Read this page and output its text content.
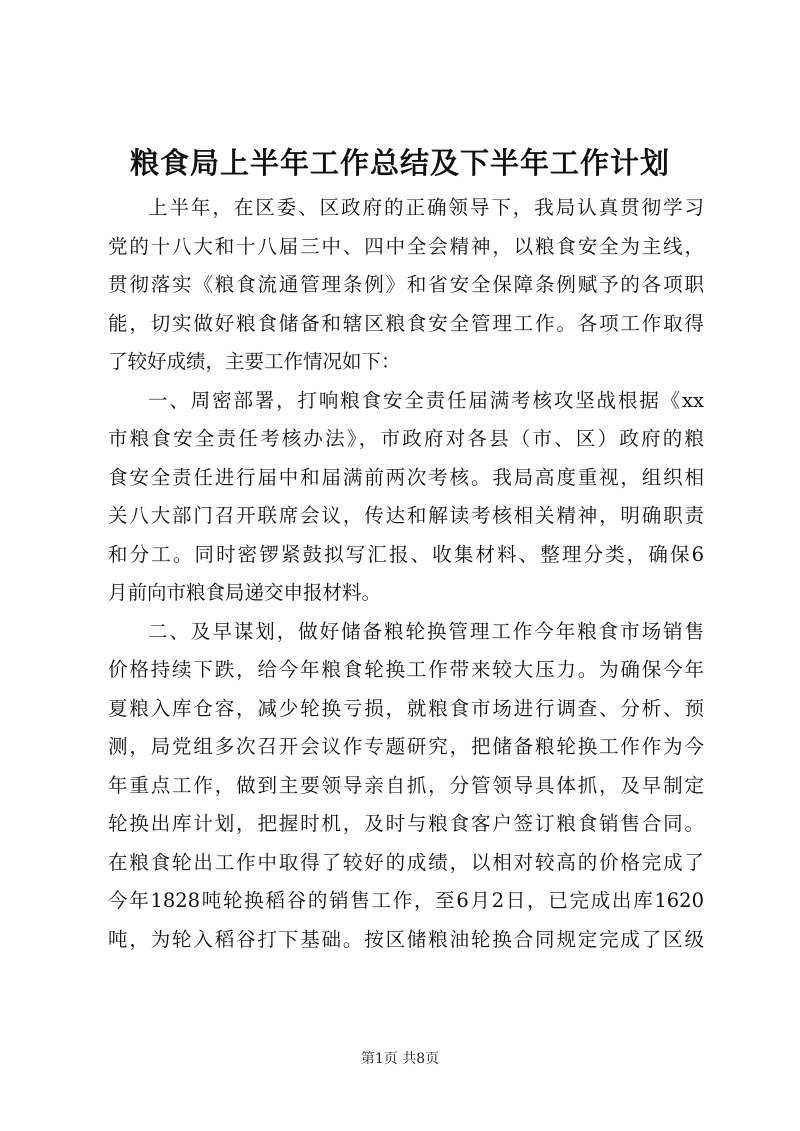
粮食局上半年工作总结及下半年工作计划
上半年，在区委、区政府的正确领导下，我局认真贯彻学习
党的十八大和十八届三中、四中全会精神，以粮食安全为主线，
贯彻落实《粮食流通管理条例》和省安全保障条例赋予的各项职
能，切实做好粮食储备和辖区粮食安全管理工作。各项工作取得
了较好成绩，主要工作情况如下：
一、周密部署，打响粮食安全责任届满考核攻坚战根据《xx
市粮食安全责任考核办法》，市政府对各县（市、区）政府的粮
食安全责任进行届中和届满前两次考核。我局高度重视，组织相
关八大部门召开联席会议，传达和解读考核相关精神，明确职责
和分工。同时密锣紧鼓拟写汇报、收集材料、整理分类，确保6
月前向市粮食局递交申报材料。
二、及早谋划，做好储备粮轮换管理工作今年粮食市场销售
价格持续下跌，给今年粮食轮换工作带来较大压力。为确保今年
夏粮入库仓容，减少轮换亏损，就粮食市场进行调查、分析、预
测，局党组多次召开会议作专题研究，把储备粮轮换工作作为今
年重点工作，做到主要领导亲自抓，分管领导具体抓，及早制定
轮换出库计划，把握时机，及时与粮食客户签订粮食销售合同。
在粮食轮出工作中取得了较好的成绩，以相对较高的价格完成了
今年1828吨轮换稻谷的销售工作，至6月2日，已完成出库1620
吨，为轮入稻谷打下基础。按区储粮油轮换合同规定完成了区级
第1页 共8页
